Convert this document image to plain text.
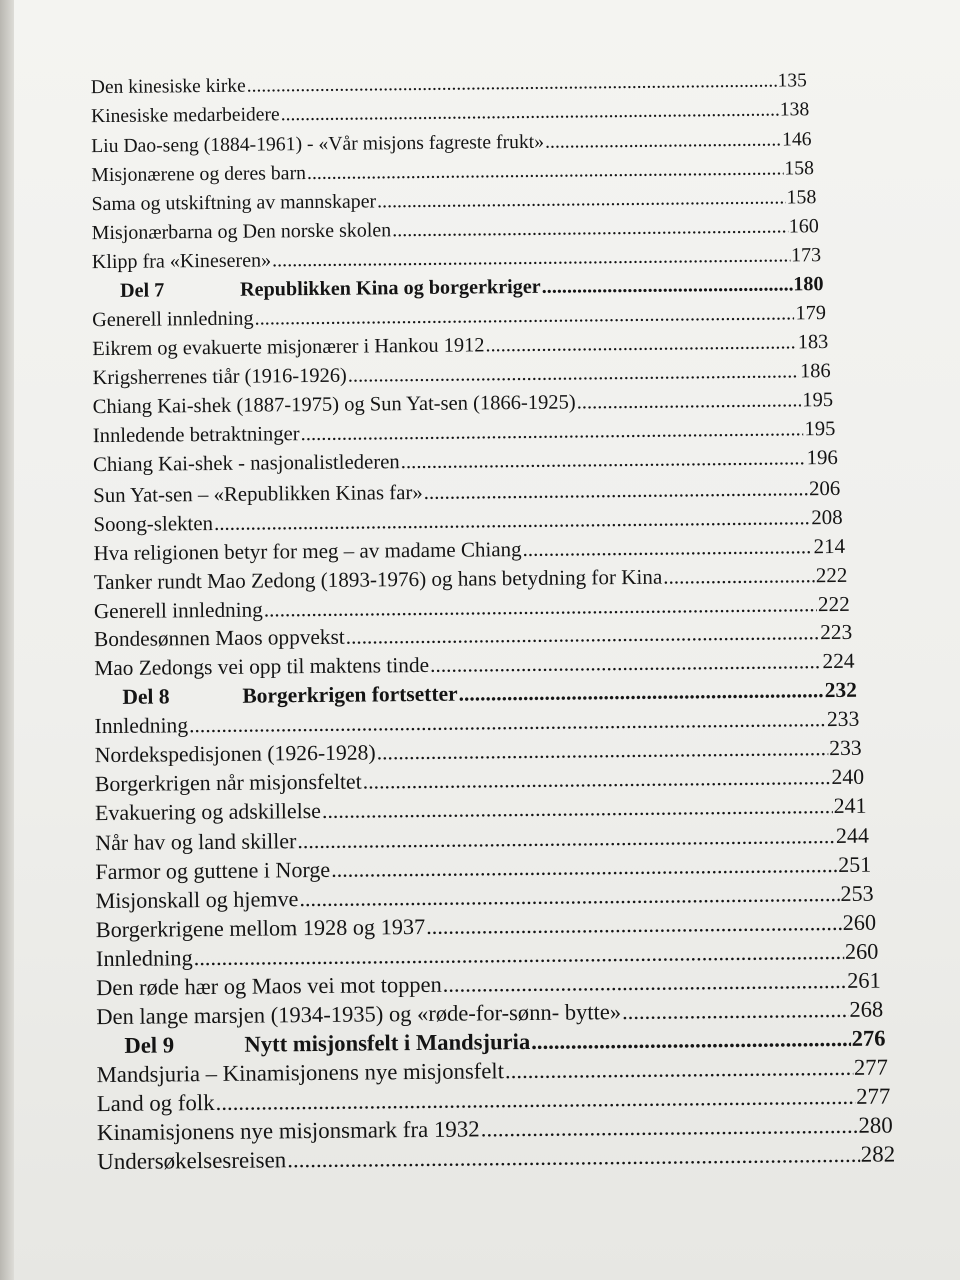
Den kinesiske kirke .....	135
Kinesiske medarbeidere .....	138
Liu Dao-seng (1884-1961) - «Vår misjons fagreste frukt» .....	146
Misjonærene og deres barn .....	158
Sama og utskiftning av mannskaper .....	158
Misjonærbarna og Den norske skolen .....	160
Klipp fra «Kineseren» .....	173
Del 7	Republikken Kina og borgerkriger .....	180
Generell innledning .....	179
Eikrem og evakuerte misjonærer i Hankou 1912 .....	183
Krigsherrenes tiår (1916-1926) .....	186
Chiang Kai-shek (1887-1975) og Sun Yat-sen (1866-1925) .....	195
Innledende betraktninger .....	195
Chiang Kai-shek - nasjonalistlederen .....	196
Sun Yat-sen – «Republikken Kinas far» .....	206
Soong-slekten .....	208
Hva religionen betyr for meg – av madame Chiang .....	214
Tanker rundt Mao Zedong (1893-1976) og hans betydning for Kina .....	222
Generell innledning .....	222
Bondesønnen Maos oppvekst .....	223
Mao Zedongs vei opp til maktens tinde .....	224
Del 8	Borgerkrigen fortsetter .....	232
Innledning .....	233
Nordekspedisjonen (1926-1928) .....	233
Borgerkrigen når misjonsfeltet .....	240
Evakuering og adskillelse .....	241
Når hav og land skiller .....	244
Farmor og guttene i Norge .....	251
Misjonskall og hjemve .....	253
Borgerkrigene mellom 1928 og 1937 .....	260
Innledning .....	260
Den røde hær og Maos vei mot toppen .....	261
Den lange marsjen (1934-1935) og «røde-for-sønn- bytte» .....	268
Del 9	Nytt misjonsfelt i Mandsjuria .....	276
Mandsjuria – Kinamisjonens nye misjonsfelt .....	277
Land og folk .....	277
Kinamisjonens nye misjonsmark fra 1932 .....	280
Undersøkelsesreisen .....	282
